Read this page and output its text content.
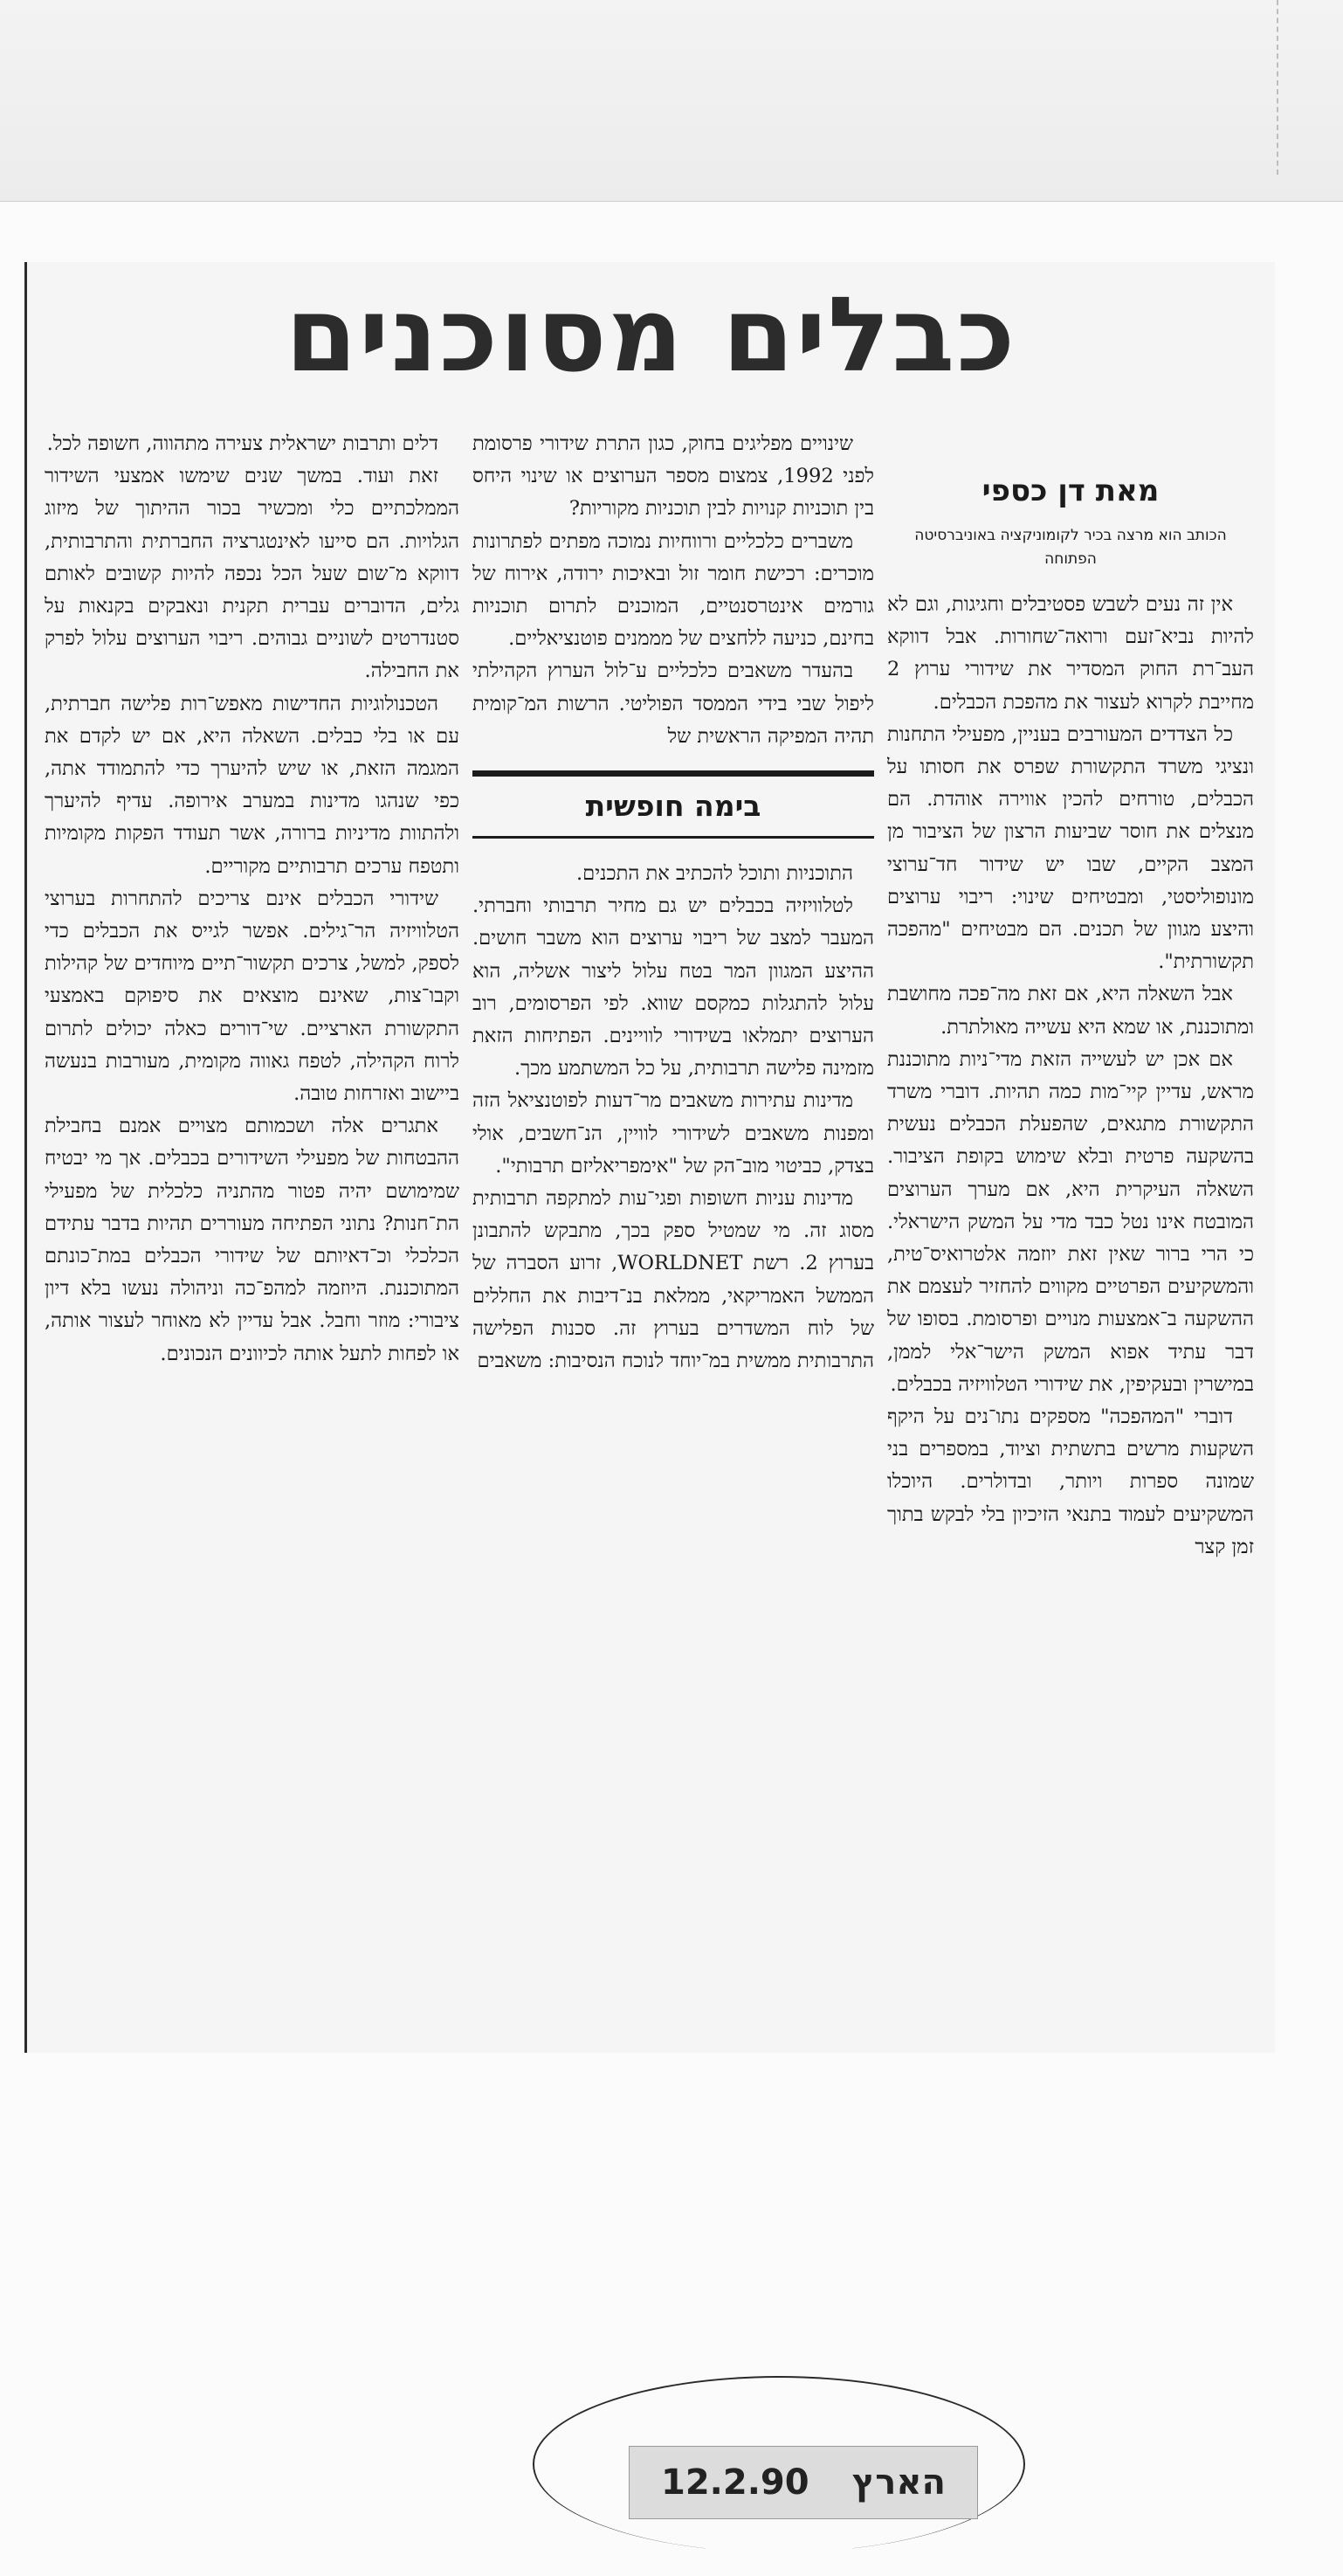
כבלים מסוכנים
מאת דן כספי
הכותב הוא מרצה בכיר לקומוניקציה באוניברסיטה הפתוחה

אין זה נעים לשבש פסטיבלים וחגיגות, וגם לא להיות נביא־זעם ורואה־שחורות. אבל דווקא העב־רת החוק המסדיר את שידורי ערוץ 2 מחייבת לקרוא לעצור את מהפכת הכבלים.

כל הצדדים המעורבים בעניין, מפעילי התחנות ונציגי משרד התקשורת שפרס את חסותו על הכבלים, טורחים להכין אווירה אוהדת. הם מנצלים את חוסר שביעות הרצון של הציבור מן המצב הקיים, שבו יש שידור חד־ערוצי מונופוליסטי, ומבטיחים שינוי: ריבוי ערוצים והיצע מגוון של תכנים. הם מבטיחים "מהפכה תקשורתית".

אבל השאלה היא, אם זאת מה־פכה מחושבת ומתוכננת, או שמא היא עשייה מאולתרת.

אם אכן יש לעשייה הזאת מדי־ניות מתוכננת מראש, עדיין קיי־מות כמה תהיות. דוברי משרד התקשורת מתגאים, שהפעלת הכבלים נעשית בהשקעה פרטית ובלא שימוש בקופת הציבור. השאלה העיקרית היא, אם מערך הערוצים המובטח אינו נטל כבד מדי על המשק הישראלי. כי הרי ברור שאין זאת יוזמה אלטרואיס־טית, והמשקיעים הפרטיים מקווים להחזיר לעצמם את ההשקעה ב־אמצעות מנויים ופרסומת. בסופו של דבר עתיד אפוא המשק הישר־אלי לממן, במישרין ובעקיפין, את שידורי הטלוויזיה בכבלים.

דוברי "המהפכה" מספקים נתו־נים על היקף השקעות מרשים בתשתית וציוד, במספרים בני שמונה ספרות ויותר, ובדולרים. היוכלו המשקיעים לעמוד בתנאי הזיכיון בלי לבקש בתוך זמן קצר

שינויים מפליגים בחוק, כגון התרת שידורי פרסומת לפני 1992, צמצום מספר הערוצים או שינוי היחס בין תוכניות קנויות לבין תוכניות מקוריות?

משברים כלכליים ורווחיות נמוכה מפתים לפתרונות מוכרים: רכישת חומר זול ובאיכות ירודה, אירוח של גורמים אינטרסנטיים, המוכנים לתרום תוכניות בחינם, כניעה ללחצים של מממנים פוטנציאליים.

בהעדר משאבים כלכליים ע־לול הערוץ הקהילתי ליפול שבי בידי הממסד הפוליטי. הרשות המ־קומית תהיה המפיקה הראשית של

בימה חופשית

התוכניות ותוכל להכתיב את התכנים.

לטלוויזיה בכבלים יש גם מחיר תרבותי וחברתי. המעבר למצב של ריבוי ערוצים הוא משבר חושים. ההיצע המגוון המר בטח עלול ליצור אשליה, הוא עלול להתגלות כמקסם שווא. לפי הפרסומים, רוב הערוצים יתמלאו בשידורי לוויינים. הפתיחות הזאת מזמינה פלישה תרבותית, על כל המשתמע מכך.

מדינות עתירות משאבים מר־דעות לפוטנציאל הזה ומפנות משאבים לשידורי לוויין, הנ־חשבים, אולי בצדק, כביטוי מוב־הק של "אימפריאליזם תרבותי".

מדינות עניות חשופות ופגי־עות למתקפה תרבותית מסוג זה. מי שמטיל ספק בכך, מתבקש להתבונן בערוץ 2. רשת WORLDNET, זרוע הסברה של הממשל האמריקאי, ממלאת בנ־דיבות את החללים של לוח המשדרים בערוץ זה. סכנות הפלישה התרבותית ממשית במ־יוחד לנוכח הנסיבות: משאבים

דלים ותרבות ישראלית צעירה מתהווה, חשופה לכל.

זאת ועוד. במשך שנים שימשו אמצעי השידור הממלכתיים כלי ומכשיר בכור ההיתוך של מיזוג הגלויות. הם סייעו לאינטגרציה החברתית והתרבותית, דווקא מ־שום שעל הכל נכפה להיות קשובים לאותם גלים, הדוברים עברית תקנית ונאבקים בקנאות על סטנדרטים לשוניים גבוהים. ריבוי הערוצים עלול לפרק את החבילה.

הטכנולוגיות החדישות מאפש־רות פלישה חברתית, עם או בלי כבלים. השאלה היא, אם יש לקדם את המגמה הזאת, או שיש להיערך כדי להתמודד אתה, כפי שנהגו מדינות במערב אירופה. עדיף להיערך ולהתוות מדיניות ברורה, אשר תעודד הפקות מקומיות ותטפח ערכים תרבותיים מקוריים.

שידורי הכבלים אינם צריכים להתחרות בערוצי הטלוויזיה הר־גילים. אפשר לגייס את הכבלים כדי לספק, למשל, צרכים תקשור־תיים מיוחדים של קהילות וקבו־צות, שאינם מוצאים את סיפוקם באמצעי התקשורת הארציים. שי־דורים כאלה יכולים לתרום לרוח הקהילה, לטפח גאווה מקומית, מעורבות בנעשה ביישוב ואזרחות טובה.

אתגרים אלה ושכמותם מצויים אמנם בחבילת ההבטחות של מפעילי השידורים בכבלים. אך מי יבטיח שמימושם יהיה פטור מהתניה כלכלית של מפעילי הת־חנות? נתוני הפתיחה מעוררים תהיות בדבר עתידם הכלכלי וכ־דאיותם של שידורי הכבלים במת־כונתם המתוכננת. היוזמה למהפ־כה וניהולה נעשו בלא דיון ציבורי: מוזר וחבל. אבל עדיין לא מאוחר לעצור אותה, או לפחות לתעל אותה לכיוונים הנכונים.

12.2.90 הארץ
